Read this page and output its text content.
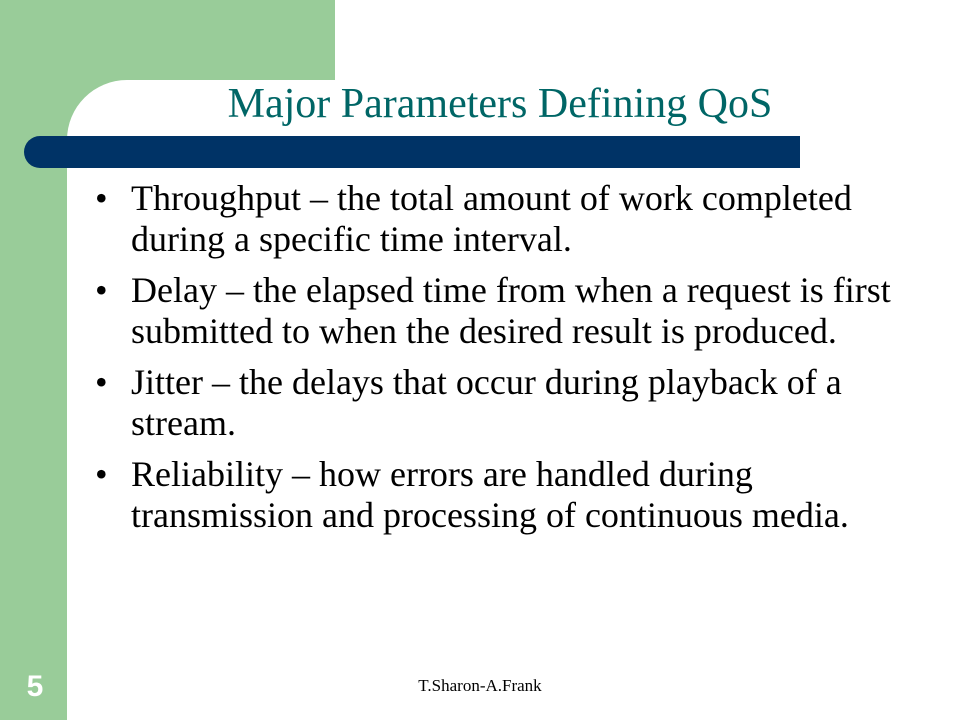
Major Parameters Defining QoS
• Throughput – the total amount of work completed during a specific time interval.
• Delay – the elapsed time from when a request is first submitted to when the desired result is produced.
• Jitter – the delays that occur during playback of a stream.
• Reliability – how errors are handled during transmission and processing of continuous media.
5	T.Sharon-A.Frank
